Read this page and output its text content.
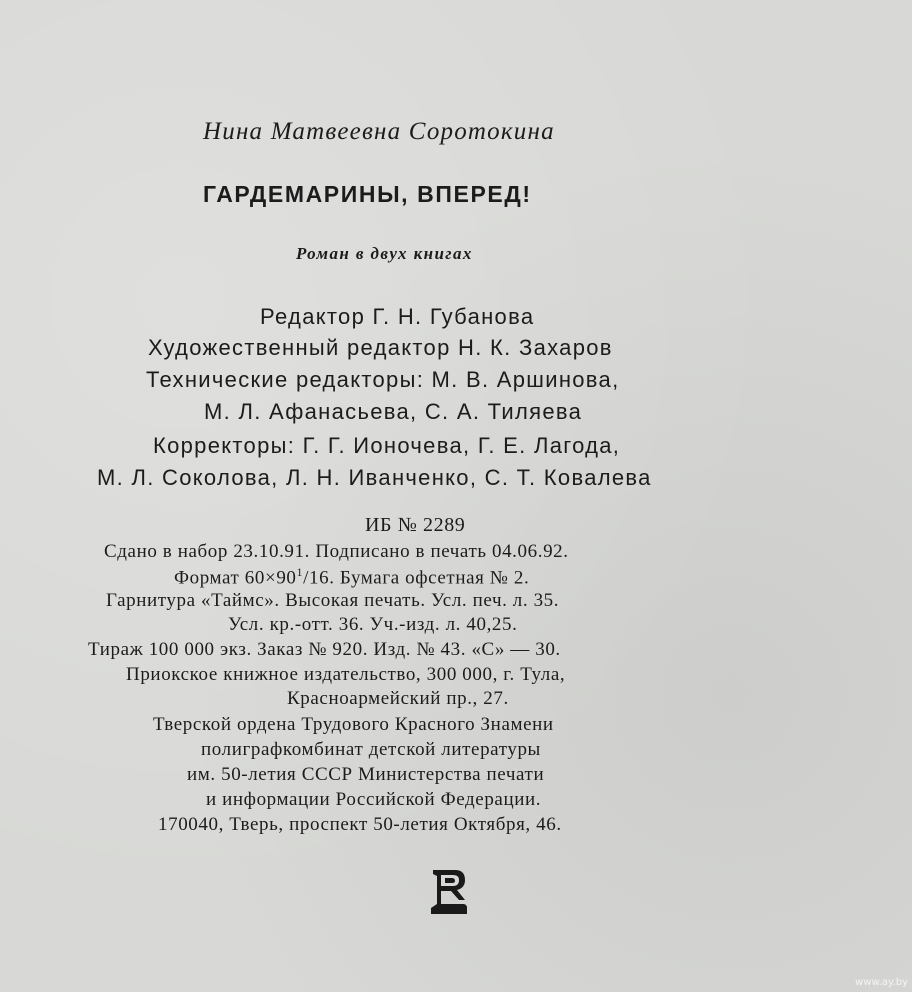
Нина Матвеевна Соротокина
ГАРДЕМАРИНЫ, ВПЕРЕД!
Роман в двух книгах
Редактор Г. Н. Губанова
Художественный редактор Н. К. Захаров
Технические редакторы: М. В. Аршинова,
М. Л. Афанасьева, С. А. Тиляева
Корректоры: Г. Г. Ионочева, Г. Е. Лагода,
М. Л. Соколова, Л. Н. Иванченко, С. Т. Ковалева
ИБ № 2289
Сдано в набор 23.10.91. Подписано в печать 04.06.92.
Формат $60\times 90^1/16$. Бумага офсетная № 2.
Гарнитура «Таймс». Высокая печать. Усл. печ. л. 35.
Усл. кр.-отт. 36. Уч.-изд. л. 40,25.
Тираж 100 000 экз. Заказ № 920. Изд. № 43. «С» — 30.
Приокское книжное издательство, 300 000, г. Тула,
Красноармейский пр., 27.
Тверской ордена Трудового Красного Знамени
полиграфкомбинат детской литературы
им. 50-летия СССР Министерства печати
и информации Российской Федерации.
170040, Тверь, проспект 50-летия Октября, 46.
www.ay.by
